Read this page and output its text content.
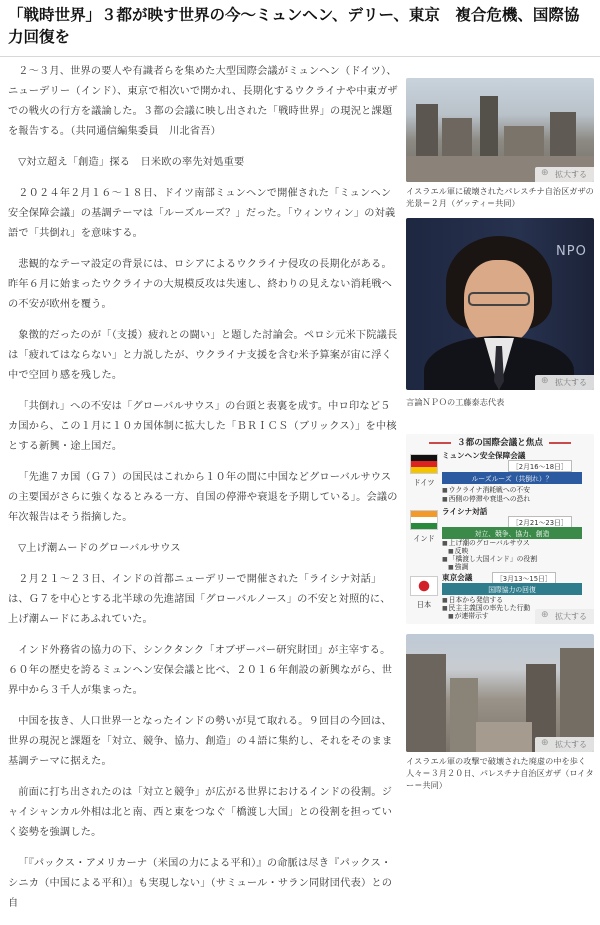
「戦時世界」３都が映す世界の今〜ミュンヘン、デリー、東京　複合危機、国際協力回復を

２〜３月、世界の要人や有識者らを集めた大型国際会議がミュンヘン（ドイツ）、ニューデリー（インド）、東京で相次いで開かれ、長期化するウクライナや中東ガザでの戦火の行方を議論した。３都の会議に映し出された「戦時世界」の現況と課題を報告する。（共同通信編集委員　川北省吾）

▽対立超え「創造」探る　日米欧の率先対処重要

２０２４年２月１６〜１８日、ドイツ南部ミュンヘンで開催された「ミュンヘン安全保障会議」の基調テーマは「ルーズルーズ？」だった。「ウィンウィン」の対義語で「共倒れ」を意味する。

悲観的なテーマ設定の背景には、ロシアによるウクライナ侵攻の長期化がある。昨年６月に始まったウクライナの大規模反攻は失速し、終わりの見えない消耗戦への不安が欧州を覆う。

象徴的だったのが「（支援）疲れとの闘い」と題した討論会。ペロシ元米下院議長は「疲れてはならない」と力説したが、ウクライナ支援を含む米予算案が宙に浮く中で空回り感を残した。

「共倒れ」への不安は「グローバルサウス」の台頭と表裏を成す。中ロ印など５カ国から、この１月に１０カ国体制に拡大した「ＢＲＩＣＳ（ブリックス）」を中核とする新興・途上国だ。

「先進７カ国（Ｇ７）の国民はこれから１０年の間に中国などグローバルサウスの主要国がさらに強くなるとみる一方、自国の停滞や衰退を予期している」。会議の年次報告はそう指摘した。

▽上げ潮ムードのグローバルサウス

２月２１〜２３日、インドの首都ニューデリーで開催された「ライシナ対話」は、Ｇ７を中心とする北半球の先進諸国「グローバルノース」の不安と対照的に、上げ潮ムードにあふれていた。

インド外務省の協力の下、シンクタンク「オブザーバー研究財団」が主宰する。６０年の歴史を誇るミュンヘン安保会議と比べ、２０１６年創設の新興ながら、世界中から３千人が集まった。

中国を抜き、人口世界一となったインドの勢いが見て取れる。９回目の今回は、世界の現況と課題を「対立、競争、協力、創造」の４語に集約し、それをそのまま基調テーマに据えた。

前面に打ち出されたのは「対立と競争」が広がる世界におけるインドの役割。ジャイシャンカル外相は北と南、西と東をつなぐ「橋渡し大国」との役割を担っていく姿勢を強調した。

「『パックス・アメリカーナ（米国の力による平和）』の命脈は尽き『パックス・シニカ（中国による平和）』も実現しない」（サミュール・サラン同財団代表）との自

⊕ 拡大する
イスラエル軍に破壊されたパレスチナ自治区ガザの光景＝２月（ゲッティ＝共同）
NPO
⊕ 拡大する
言論ＮＰＯの工藤泰志代表
３都の国際会議と焦点
ドイツ
ミュンヘン安全保障会議
［2月16〜18日］
ルーズルーズ（共倒れ）？
■ ウクライナ消耗戦への不安
■ 西側の停滞や衰退への恐れ
インド
ライシナ対話
［2月21〜23日］
対立、競争、協力、創造
■ 上げ潮のグローバルサウス
■ 反映
■ 「橋渡し大国インド」の役割
■ 強調
日本
東京会議	［3月13〜15日］
国際協力の回復
■ 日本から発信する
■ 民主主義国の率先した行動
■ が連帯示す
⊕	拡大する
⊕ 拡大する
イスラエル軍の攻撃で破壊された廃虚の中を歩く人々＝３月２０日、パレスチナ自治区ガザ（ロイター＝共同）
